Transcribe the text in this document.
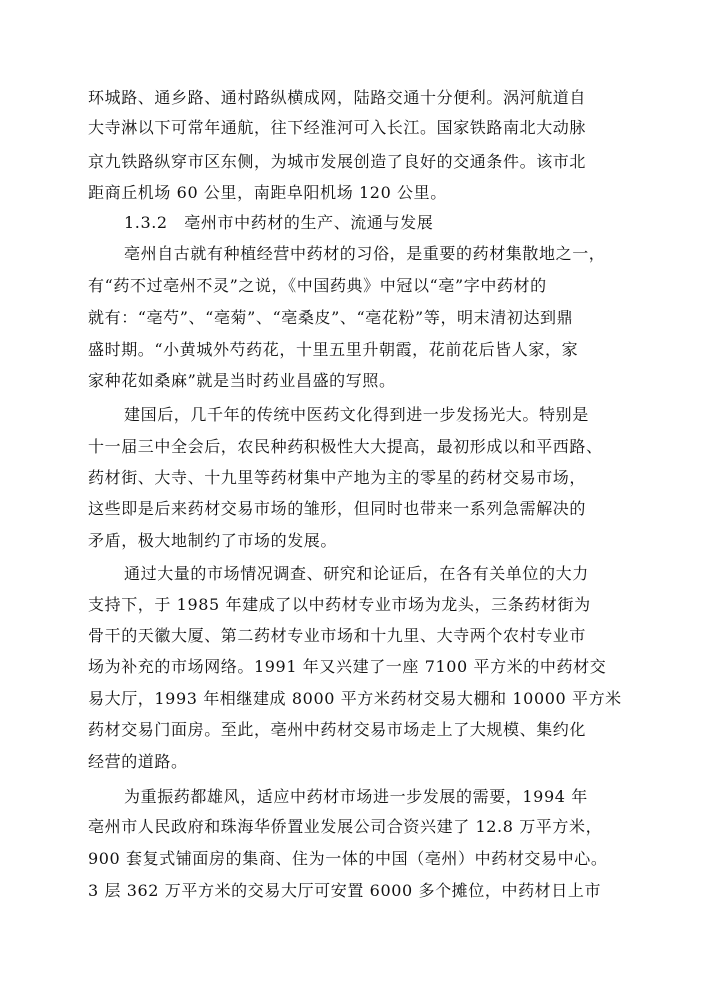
环城路、通乡路、通村路纵横成网，陆路交通十分便利。涡河航道自
大寺淋以下可常年通航，往下经淮河可入长江。国家铁路南北大动脉
京九铁路纵穿市区东侧，为城市发展创造了良好的交通条件。该市北
距商丘机场 60 公里，南距阜阳机场 120 公里。
1.3.2　亳州市中药材的生产、流通与发展
亳州自古就有种植经营中药材的习俗，是重要的药材集散地之一，
有“药不过亳州不灵”之说，《中国药典》中冠以“亳”字中药材的
就有：“亳芍”、“亳菊”、“亳桑皮”、“亳花粉”等，明末清初达到鼎
盛时期。“小黄城外芍药花，十里五里升朝霞，花前花后皆人家，家
家种花如桑麻”就是当时药业昌盛的写照。
建国后，几千年的传统中医药文化得到进一步发扬光大。特别是
十一届三中全会后，农民种药积极性大大提高，最初形成以和平西路、
药材街、大寺、十九里等药材集中产地为主的零星的药材交易市场，
这些即是后来药材交易市场的雏形，但同时也带来一系列急需解决的
矛盾，极大地制约了市场的发展。
通过大量的市场情况调查、研究和论证后，在各有关单位的大力
支持下，于 1985 年建成了以中药材专业市场为龙头，三条药材街为
骨干的天徽大厦、第二药材专业市场和十九里、大寺两个农村专业市
场为补充的市场网络。1991 年又兴建了一座 7100 平方米的中药材交
易大厅，1993 年相继建成 8000 平方米药材交易大棚和 10000 平方米
药材交易门面房。至此，亳州中药材交易市场走上了大规模、集约化
经营的道路。
为重振药都雄风，适应中药材市场进一步发展的需要，1994 年
亳州市人民政府和珠海华侨置业发展公司合资兴建了 12.8 万平方米，
900 套复式铺面房的集商、住为一体的中国（亳州）中药材交易中心。
3 层 362 万平方米的交易大厅可安置 6000 多个摊位，中药材日上市
